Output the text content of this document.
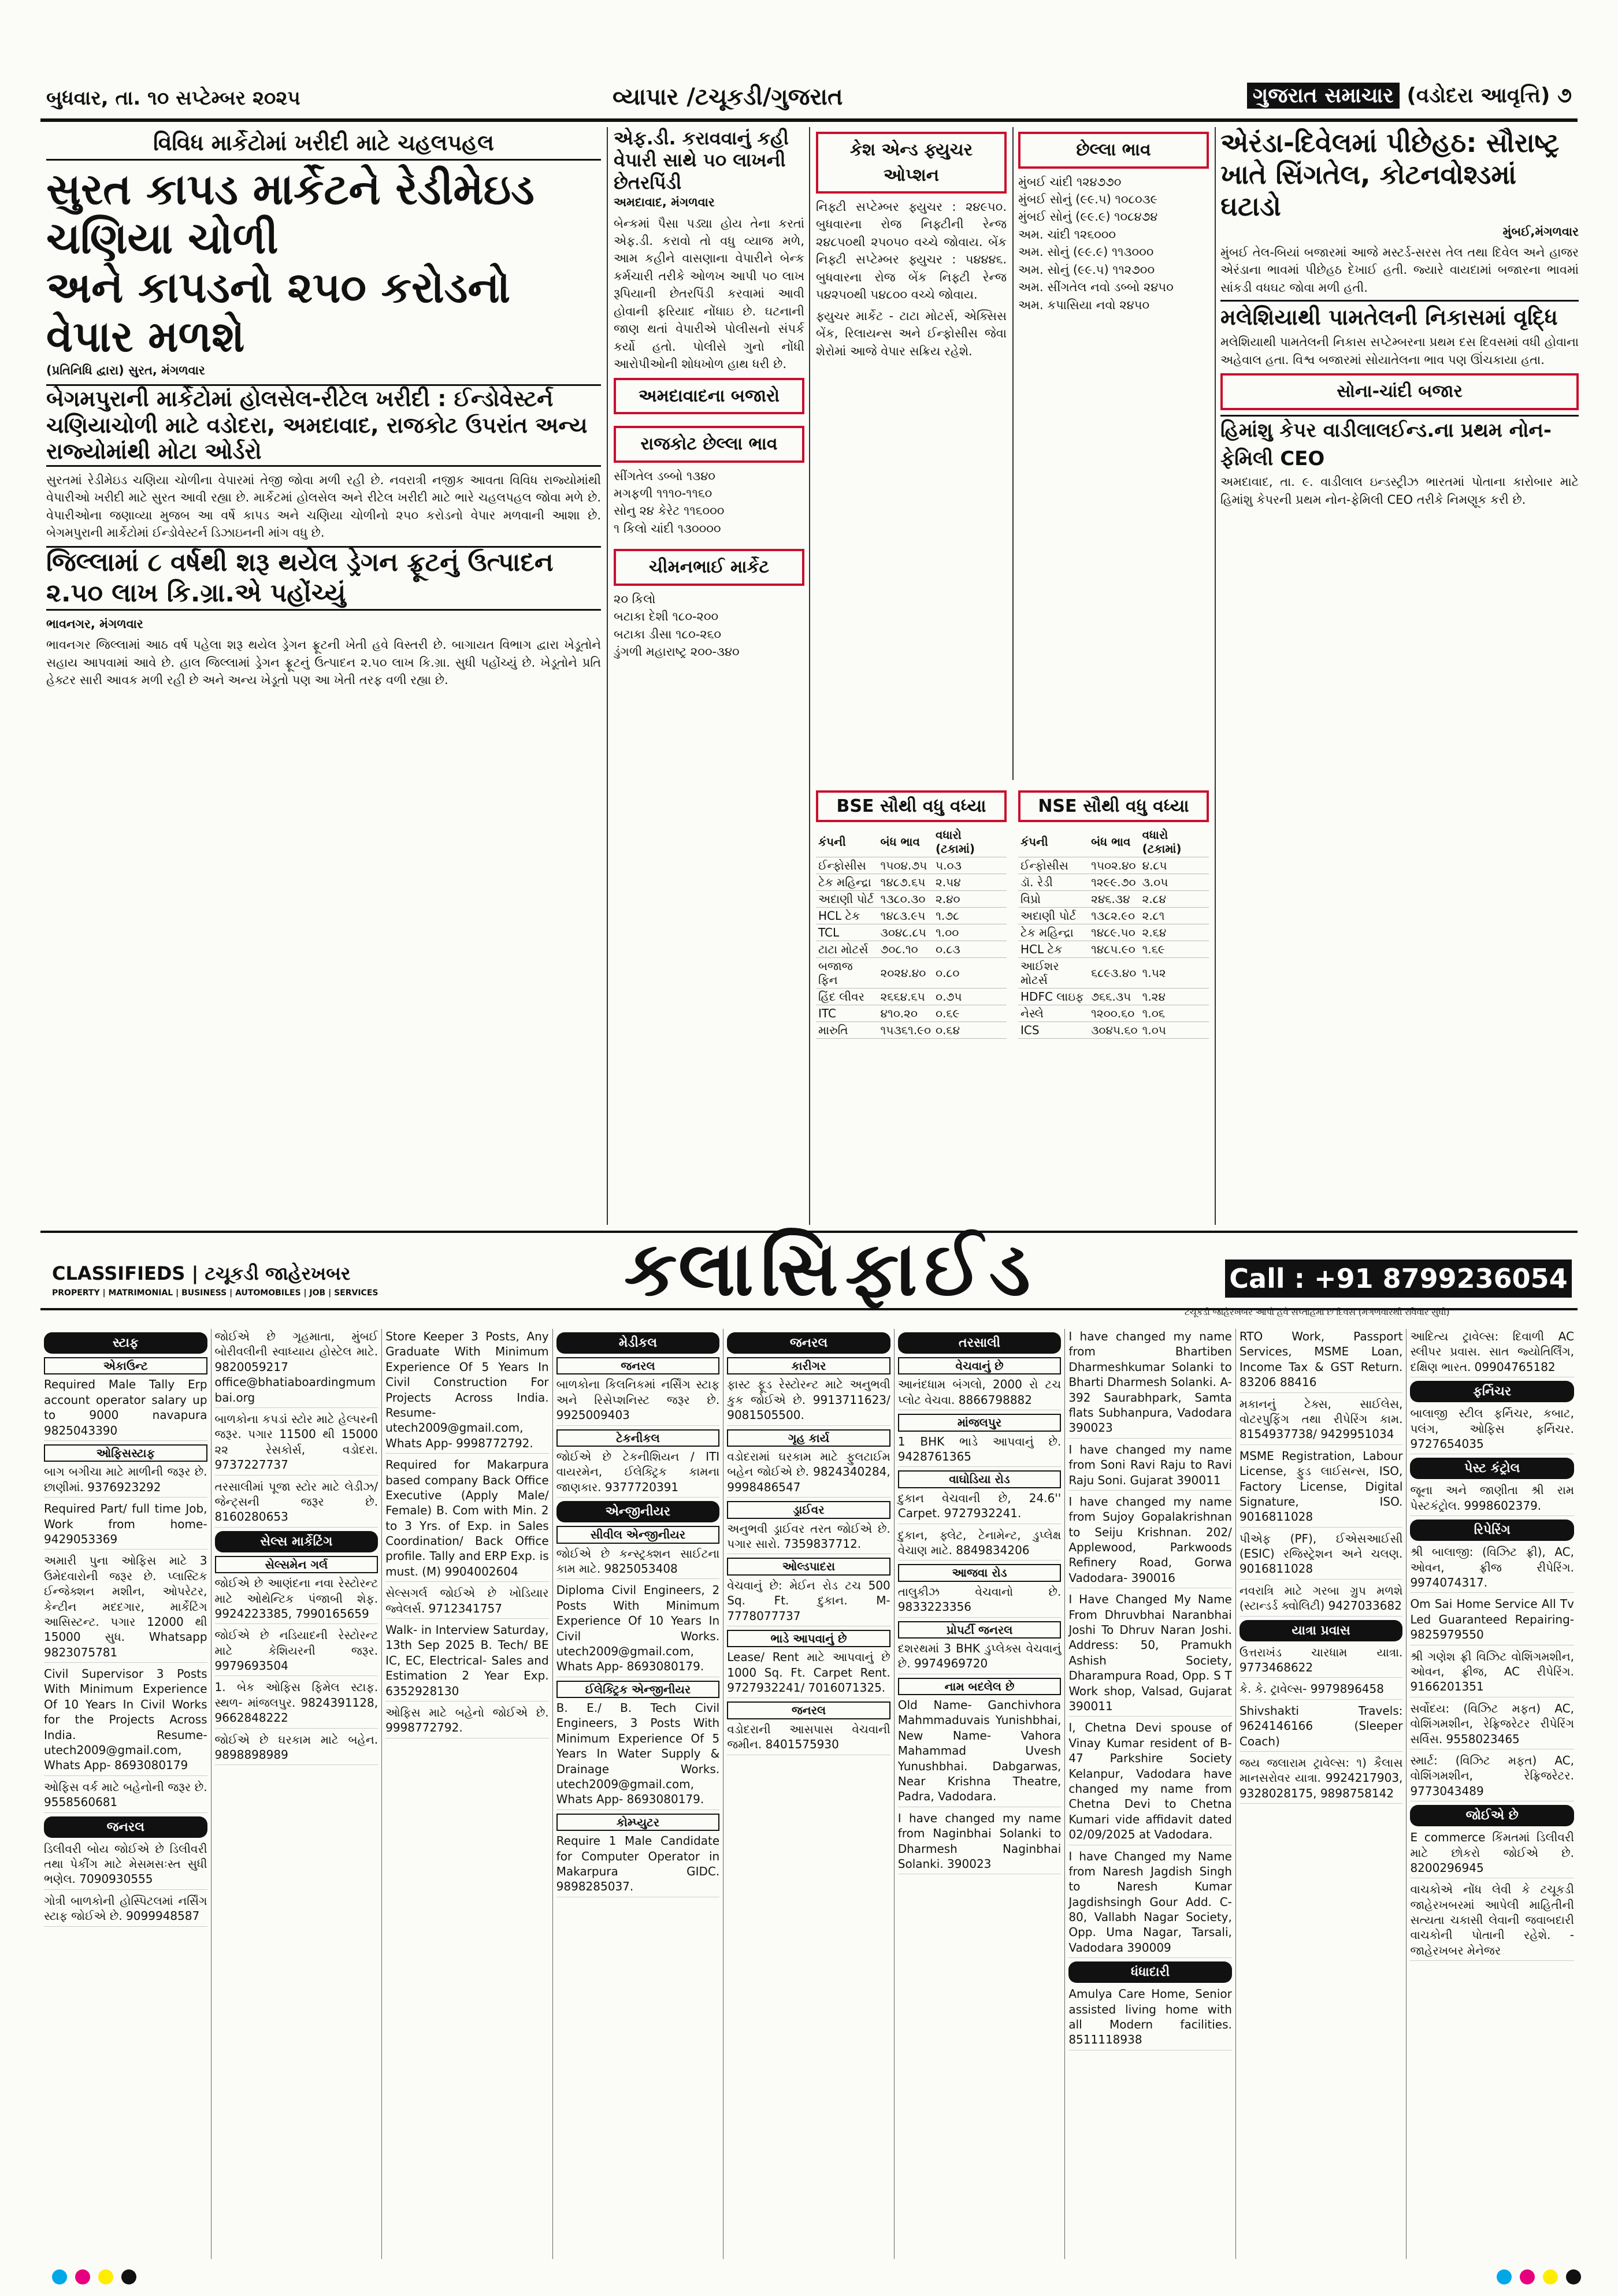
બુધવાર, તા. ૧૦ સપ્ટેમ્બર ૨૦૨૫	વ્યાપાર /ટચૂકડી/ગુજરાત	ગુજરાત સમાચાર (વડોદરા આવૃત્તિ) ૭
વિવિધ માર્કેટોમાં ખરીદી માટે ચહલપહલ
સુરત કાપડ માર્કેટને રેડીમેઇડ ચણિયા ચોળી
અને કાપડનો ૨૫૦ કરોડનો વેપાર મળશે

(પ્રતિનિધિ દ્વારા) સુરત, મંગળવાર

બેગમપુરાની માર્કેટોમાં હોલસેલ-રીટેલ ખરીદી : ઈન્ડોવેસ્ટર્ન ચણિયાચોળી માટે વડોદરા, અમદાવાદ, રાજકોટ ઉપરાંત અન્ય રાજ્યોમાંથી મોટા ઓર્ડરો

સુરતમાં રેડીમેઇડ ચણિયા ચોળીના વેપારમાં તેજી જોવા મળી રહી છે. નવરાત્રી નજીક આવતા વિવિધ રાજ્યોમાંથી વેપારીઓ ખરીદી માટે સુરત આવી રહ્યા છે. માર્કેટમાં હોલસેલ અને રીટેલ ખરીદી માટે ભારે ચહલપહલ જોવા મળે છે. વેપારીઓના જણાવ્યા મુજબ આ વર્ષે કાપડ અને ચણિયા ચોળીનો ૨૫૦ કરોડનો વેપાર મળવાની આશા છે. બેગમપુરાની માર્કેટોમાં ઈન્ડોવેસ્ટર્ન ડિઝાઇનની માંગ વધુ છે.

જિલ્લામાં ૮ વર્ષથી શરૂ થયેલ ડ્રેગન ફ્રૂટનું ઉત્પાદન ૨.૫૦ લાખ કિ.ગ્રા.એ પહોંચ્યું

ભાવનગર, મંગળવાર

ભાવનગર જિલ્લામાં આઠ વર્ષ પહેલા શરૂ થયેલ ડ્રેગન ફ્રૂટની ખેતી હવે વિસ્તરી છે. બાગાયત વિભાગ દ્વારા ખેડૂતોને સહાય આપવામાં આવે છે. હાલ જિલ્લામાં ડ્રેગન ફ્રૂટનું ઉત્પાદન ૨.૫૦ લાખ કિ.ગ્રા. સુધી પહોંચ્યું છે. ખેડૂતોને પ્રતિ હેક્ટર સારી આવક મળી રહી છે અને અન્ય ખેડૂતો પણ આ ખેતી તરફ વળી રહ્યા છે.

એફ.ડી. કરાવવાનું કહી વેપારી સાથે ૫૦ લાખની છેતરપિંડી

અમદાવાદ, મંગળવાર

બેન્કમાં પૈસા પડ્યા હોય તેના કરતાં એફ.ડી. કરાવો તો વધુ વ્યાજ મળે, આમ કહીને વાસણાના વેપારીને બેન્ક કર્મચારી તરીકે ઓળખ આપી ૫૦ લાખ રૂપિયાની છેતરપિંડી કરવામાં આવી હોવાની ફરિયાદ નોંધાઇ છે. ઘટનાની જાણ થતાં વેપારીએ પોલીસનો સંપર્ક કર્યો હતો. પોલીસે ગુનો નોંધી આરોપીઓની શોધખોળ હાથ ધરી છે.

અમદાવાદના બજારો
રાજકોટ છેલ્લા ભાવ
સીંગતેલ ડબ્બો ૧૩૪૦
મગફળી ૧૧૧૦-૧૧૬૦
સોનુ ૨૪ કેરેટ ૧૧૬૦૦૦
૧ કિલો ચાંદી ૧૩૦૦૦૦
ચીમનભાઈ માર્કેટ
૨૦ કિલો
બટાકા દેશી ૧૮૦-૨૦૦
બટાકા ડીસા ૧૮૦-૨૬૦
ડુંગળી મહારાષ્ટ્ર ૨૦૦-૩૪૦
કેશ એન્ડ ફ્યુચર ઓપ્શન

નિફ્ટી સપ્ટેમ્બર ફ્યુચર : ૨૪૯૫૦. બુધવારના રોજ નિફ્ટીની રેન્જ ૨૪૮૫૦થી ૨૫૦૫૦ વચ્ચે જોવાય. બેંક નિફ્ટી સપ્ટેમ્બર ફ્યુચર : ૫૪૪૪૬. બુધવારના રોજ બેંક નિફ્ટી રેન્જ ૫૪૨૫૦થી ૫૪૮૦૦ વચ્ચે જોવાય.

ફ્યુચર માર્કેટ - ટાટા મોટર્સ, એક્સિસ બેંક, રિલાયન્સ અને ઈન્ફોસીસ જેવા શેરોમાં આજે વેપાર સક્રિય રહેશે.

છેલ્લા ભાવ
મુંબઈ ચાંદી ૧૨૪૭૭૦
મુંબઈ સોનું (૯૯.૫) ૧૦૮૦૩૯
મુંબઈ સોનું (૯૯.૯) ૧૦૮૪૭૪
અમ. ચાંદી ૧૨૬૦૦૦
અમ. સોનું (૯૯.૯) ૧૧૩૦૦૦
અમ. સોનું (૯૯.૫) ૧૧૨૭૦૦
અમ. સીંગતેલ નવો ડબ્બો ૨૪૫૦
અમ. કપાસિયા નવો ૨૪૫૦
BSE સૌથી વધુ વધ્યા
કંપની	બંધ ભાવ	વધારો (ટકામાં)
ઈન્ફોસીસ	૧૫૦૪.૭૫	૫.૦૩
ટેક મહિન્દ્રા	૧૪૮૭.૬૫	૨.૫૪
અદાણી પોર્ટ	૧૩૮૦.૩૦	૨.૪૦
HCL ટેક	૧૪૮૩.૯૫	૧.૭૮
TCL	૩૦૪૮.૮૫	૧.૦૦
ટાટા મોટર્સ	૭૦૮.૧૦	૦.૮૩
બજાજ ફિન	૨૦૨૪.૪૦	૦.૮૦
હિંદ લીવર	૨૬૬૪.૬૫	૦.૭૫
ITC	૪૧૦.૨૦	૦.૬૯
મારુતિ	૧૫૩૬૧.૯૦	૦.૬૪
NSE સૌથી વધુ વધ્યા
કંપની	બંધ ભાવ	વધારો (ટકામાં)
ઈન્ફોસીસ	૧૫૦૨.૪૦	૪.૮૫
ડૉ. રેડી	૧૨૯૯.૭૦	૩.૦૫
વિપ્રો	૨૪૬.૩૪	૨.૮૪
અદાણી પોર્ટ	૧૩૮૨.૯૦	૨.૮૧
ટેક મહિન્દ્રા	૧૪૮૯.૫૦	૨.૬૪
HCL ટેક	૧૪૮૫.૯૦	૧.૬૯
આઈશર મોટર્સ	૬૮૯૩.૪૦	૧.૫૨
HDFC લાઇફ	૭૬૬.૩૫	૧.૨૪
નેસ્લે	૧૨૦૦.૬૦	૧.૦૬
ICS	૩૦૪૫.૬૦	૧.૦૫
એરંડા-દિવેલમાં પીછેહઠ: સૌરાષ્ટ્ર ખાતે સિંગતેલ, કોટનવોશ્ડમાં ઘટાડો

મુંબઈ,મંગળવાર

મુંબઈ તેલ-બિયાં બજારમાં આજે મસ્ટર્ડ-સરસ તેલ તથા દિવેલ અને હાજર એરંડાના ભાવમાં પીછેહઠ દેખાઈ હતી. જ્યારે વાયદામાં બજારના ભાવમાં સાંકડી વધઘટ જોવા મળી હતી.

મલેશિયાથી પામતેલની નિકાસમાં વૃદ્ધિ

મલેશિયાથી પામતેલની નિકાસ સપ્ટેમ્બરના પ્રથમ દસ દિવસમાં વધી હોવાના અહેવાલ હતા. વિશ્વ બજારમાં સોયાતેલના ભાવ પણ ઊંચકાયા હતા.

સોના-ચાંદી બજાર
હિમાંશુ કેપર વાડીલાલઈન્ડ.ના પ્રથમ નોન-ફેમિલી CEO

અમદાવાદ, તા. ૯. વાડીલાલ ઇન્ડસ્ટ્રીઝ ભારતમાં પોતાના કારોબાર માટે હિમાંશુ કેપરની પ્રથમ નોન-ફેમિલી CEO તરીકે નિમણૂક કરી છે.

CLASSIFIEDS | ટચૂકડી જાહેરખબર
PROPERTY | MATRIMONIAL | BUSINESS | AUTOMOBILES | JOB | SERVICES	ક્લાસિફાઈડ	Call : +91 8799236054
ટચૂકડી જાહેરખબર આપો હવે સપ્તાહમાં છ દિવસ (મંગળવારથી રવિવાર સુધી)
સ્ટાફ
એકાઉન્ટ

Required Male Tally Erp account operator salary up to 9000 navapura 9825043390

ઓફિસસ્ટાફ

બાગ બગીચા માટે માળીની જરૂર છે. છાણીમાં. 9376923292

Required Part/ full time Job, Work from home- 9429053369

અમારી પુના ઓફિસ માટે 3 ઉમેદવારોની જરૂર છે. પ્લાસ્ટિક ઈન્જેક્શન મશીન, ઓપરેટર, કેન્ટીન મદદગાર, માર્કેટિંગ આસિસ્ટન્ટ. પગાર 12000 થી 15000 સુધ. Whatsapp 9823075781

Civil Supervisor 3 Posts With Minimum Experience Of 10 Years In Civil Works for the Projects Across India. Resume- utech2009@gmail.com, Whats App- 8693080179

ઓફિસ વર્ક માટે બહેનોની જરૂર છે. 9558560681

જનરલ

ડિલીવરી બોય જોઈએ છે ડિલીવરી તથા પેકીંગ માટે મેસમસઃસ્ત સુધી ભણેલ. 7090930555

ગોત્રી બાળકોની હોસ્પિટલમાં નર્સિંગ સ્ટાફ જોઈએ છે. 9099948587

જોઈએ છે ગૃહમાતા, મુંબઈ બોરીવલીની સ્વાધ્યાય હોસ્ટેલ માટે. 9820059217 office@bhatiaboardingmumbai.org

બાળકોના કપડાં સ્ટોર માટે હેલ્પરની જરૂર. પગાર 11500 થી 15000 ૨૨ રેસકોર્સ, વડોદરા. 9737227737

તરસાલીમાં પૂજા સ્ટોર માટે લેડીઝ/જેન્ટ્સની જરૂર છે. 8160280653

સેલ્સ માર્કેટિંગ
સેલ્સમેન ગર્લ

જોઈએ છે આણંદના નવા રેસ્ટોરન્ટ માટે ઓથેન્ટિક પંજાબી શેફ. 9924223385, 7990165659

જોઈએ છે નડિયાદની રેસ્ટોરન્ટ માટે કેશિયરની જરૂર. 9979693504

1. બેક ઓફિસ ફિમેલ સ્ટાફ. સ્થળ- માંજલપુર. 9824391128, 9662848222

જોઈએ છે ઘરકામ માટે બહેન. 9898898989

Store Keeper 3 Posts, Any Graduate With Minimum Experience Of 5 Years In Civil Construction For Projects Across India. Resume- utech2009@gmail.com, Whats App- 9998772792.

Required for Makarpura based company Back Office Executive (Apply Male/ Female) B. Com with Min. 2 to 3 Yrs. of Exp. in Sales Coordination/ Back Office profile. Tally and ERP Exp. is must. (M) 9904002604

સેલ્સગર્લ જોઈએ છે ખોડિયાર જ્વેલર્સ. 9712341757

Walk- in Interview Saturday, 13th Sep 2025 B. Tech/ BE IC, EC, Electrical- Sales and Estimation 2 Year Exp. 6352928130

ઓફિસ માટે બહેનો જોઈએ છે. 9998772792.

મેડીકલ
જનરલ

બાળકોના કિલનિકમાં નર્સિંગ સ્ટાફ અને રિસેપ્શનિસ્ટ જરૂર છે. 9925009403

ટેકનીકલ

જોઈએ છે ટેકનીશિયન / ITI વાયરમેન, ઈલેક્ટ્રિક કામના જાણકાર. 9377720391

એન્જીનીયર
સીવીલ એન્જીનીયર

જોઈએ છે કન્સ્ટ્રક્શન સાઈટના કામ માટે. 9825053408

Diploma Civil Engineers, 2 Posts With Minimum Experience Of 10 Years In Civil Works. utech2009@gmail.com, Whats App- 8693080179.

ઈલેક્ટ્રિક એન્જીનીયર

B. E./ B. Tech Civil Engineers, 3 Posts With Minimum Experience Of 5 Years In Water Supply & Drainage Works. utech2009@gmail.com, Whats App- 8693080179.

કોમ્પ્યુટર

Require 1 Male Candidate for Computer Operator in Makarpura GIDC. 9898285037.

જનરલ
કારીગર

ફાસ્ટ ફૂડ રેસ્ટોરન્ટ માટે અનુભવી કુક જોઈએ છે. 9913711623/ 9081505500.

ગૃહ કાર્ય

વડોદરામાં ઘરકામ માટે ફુલટાઈમ બહેન જોઈએ છે. 9824340284, 9998486547

ડ્રાઈવર

અનુભવી ડ્રાઈવર તરત જોઈએ છે. પગાર સારો. 7359837712.

ઓલ્ડપાદરા

વેચવાનું છે: મેઈન રોડ ટચ 500 Sq. Ft. દુકાન. M- 7778077737

ભાડે આપવાનું છે

Lease/ Rent માટે આપવાનું છે 1000 Sq. Ft. Carpet Rent. 9727932241/ 7016071325.

જનરલ

વડોદરાની આસપાસ વેચવાની જમીન. 8401575930

તરસાલી
વેચવાનું છે

આનંદધામ બંગલો, 2000 રો ટચ પ્લોટ વેચવા. 8866798882

માંજલપુર

1 BHK ભાડે આપવાનું છે. 9428761365

વાઘોડિયા રોડ

દુકાન વેચવાની છે, 24.6'' Carpet. 9727932241.

દુકાન, ફ્લેટ, ટેનામેન્ટ, ડુપ્લેક્ષ વેચાણ માટે. 8849834206

આજવા રોડ

તાલુકીઝ વેચવાનો છે. 9833223356

પ્રોપર્ટી જનરલ

દશરથમાં 3 BHK ડુપ્લેક્સ વેચવાનું છે. 9974969720

નામ બદલેલ છે

Old Name- Ganchivhora Mahmmaduvais Yunishbhai, New Name- Vahora Mahammad Uvesh Yunushbhai. Dabgarwas, Near Krishna Theatre, Padra, Vadodara.

I have changed my name from Naginbhai Solanki to Dharmesh Naginbhai Solanki. 390023

I have changed my name from Bhartiben Dharmeshkumar Solanki to Bharti Dharmesh Solanki. A- 392 Saurabhpark, Samta flats Subhanpura, Vadodara 390023

I have changed my name from Soni Ravi Raju to Ravi Raju Soni. Gujarat 390011

I have changed my name from Sujoy Gopalakrishnan to Seiju Krishnan. 202/ Applewood, Parkwoods Refinery Road, Gorwa Vadodara- 390016

I Have Changed My Name From Dhruvbhai Naranbhai Joshi To Dhruv Naran Joshi. Address: 50, Pramukh Ashish Society, Dharampura Road, Opp. S T Work shop, Valsad, Gujarat 390011

I, Chetna Devi spouse of Vinay Kumar resident of B- 47 Parkshire Society Kelanpur, Vadodara have changed my name from Chetna Devi to Chetna Kumari vide affidavit dated 02/09/2025 at Vadodara.

I have Changed my Name from Naresh Jagdish Singh to Naresh Kumar Jagdishsingh Gour Add. C- 80, Vallabh Nagar Society, Opp. Uma Nagar, Tarsali, Vadodara 390009

ધંધાદારી

Amulya Care Home, Senior assisted living home with all Modern facilities. 8511118938

RTO Work, Passport Services, MSME Loan, Income Tax & GST Return. 83206 88416

મકાનનું ટેક્સ, સાઈલેસ, વોટરપુફિંગ તથા રીપેરિંગ કામ. 8154937738/ 9429951034

MSME Registration, Labour License, ફુડ લાઈસન્સ, ISO, Factory License, Digital Signature, ISO. 9016811028

પીએફ (PF), ઈએસઆઈસી (ESIC) રજિસ્ટ્રેશન અને ચલણ. 9016811028

નવરાત્રિ માટે ગરબા ગ્રુપ મળશે (સ્ટાન્ડર્ડ ક્વોલિટી) 9427033682

યાત્રા પ્રવાસ

ઉત્તરાખંડ ચારધામ યાત્રા. 9773468622

કે. કે. ટ્રાવેલ્સ- 9979896458

Shivshakti Travels: 9624146166 (Sleeper Coach)

જય જલારામ ટ્રાવેલ્સ: ૧) કૈલાસ માનસરોવર યાત્રા. 9924217903, 9328028175, 9898758142

આદિત્ય ટ્રાવેલ્સ: દિવાળી AC સ્લીપર પ્રવાસ. સાત જ્યોતિર્લિંગ, દક્ષિણ ભારત. 09904765182

ફર્નિચર

બાલાજી સ્ટીલ ફર્નિચર, કબાટ, પલંગ, ઓફિસ ફર્નિચર. 9727654035

પેસ્ટ કંટ્રોલ

જૂના અને જાણીતા શ્રી રામ પેસ્ટકંટ્રોલ. 9998602379.

રિપેરિંગ

શ્રી બાલાજી: (વિઝિટ ફ્રી), AC, ઓવન, ફ્રીજ રીપેરિંગ. 9974074317.

Om Sai Home Service All Tv Led Guaranteed Repairing- 9825979550

શ્રી ગણેશ ફ્રી વિઝિટ વોશિંગમશીન, ઓવન, ફ્રીજ, AC રીપેરિંગ. 9166201351

સર્વોદય: (વિઝિટ મફત) AC, વોશિંગમશીન, રેફ્રિજરેટર રીપેરિંગ સર્વિસ. 9558023465

સ્માર્ટ: (વિઝિટ મફત) AC, વોશિંગમશીન, રેફ્રિજરેટર. 9773043489

જોઈએ છે

E commerce કિંમતમાં ડિલીવરી માટે છોકરો જોઈએ છે. 8200296945

વાચકોએ નોંધ લેવી કે ટચૂકડી જાહેરખબરમાં આપેલી માહિતીની સત્યતા ચકાસી લેવાની જવાબદારી વાચકોની પોતાની રહેશે. - જાહેરખબર મેનેજર
